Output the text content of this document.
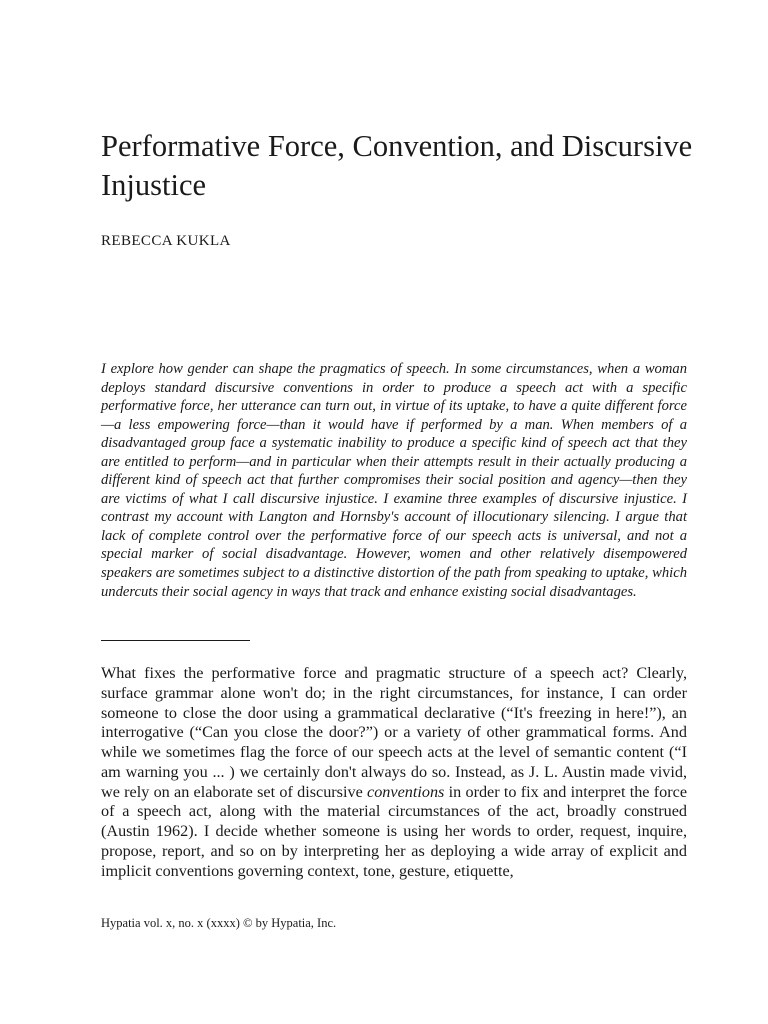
Performative Force, Convention, and Discursive Injustice

REBECCA KUKLA

I explore how gender can shape the pragmatics of speech. In some circumstances, when a woman deploys standard discursive conventions in order to produce a speech act with a specific performative force, her utterance can turn out, in virtue of its uptake, to have a quite different force—a less empowering force—than it would have if performed by a man. When members of a disadvantaged group face a systematic inability to produce a specific kind of speech act that they are entitled to perform—and in particular when their attempts result in their actually producing a different kind of speech act that further compromises their social position and agency—then they are victims of what I call discursive injustice. I examine three examples of discursive injustice. I contrast my account with Langton and Hornsby's account of illocutionary silencing. I argue that lack of complete control over the performative force of our speech acts is universal, and not a special marker of social disadvantage. However, women and other relatively disempowered speakers are sometimes subject to a distinctive distortion of the path from speaking to uptake, which undercuts their social agency in ways that track and enhance existing social disadvantages.

What fixes the performative force and pragmatic structure of a speech act? Clearly, surface grammar alone won't do; in the right circumstances, for instance, I can order someone to close the door using a grammatical declarative (“It's freezing in here!”), an interrogative (“Can you close the door?”) or a variety of other grammatical forms. And while we sometimes flag the force of our speech acts at the level of semantic content (“I am warning you ... ) we certainly don't always do so. Instead, as J. L. Austin made vivid, we rely on an elaborate set of discursive conventions in order to fix and interpret the force of a speech act, along with the material circumstances of the act, broadly construed (Austin 1962). I decide whether someone is using her words to order, request, inquire, propose, report, and so on by interpreting her as deploying a wide array of explicit and implicit conventions governing context, tone, gesture, etiquette,

Hypatia vol. x, no. x (xxxx) © by Hypatia, Inc.
